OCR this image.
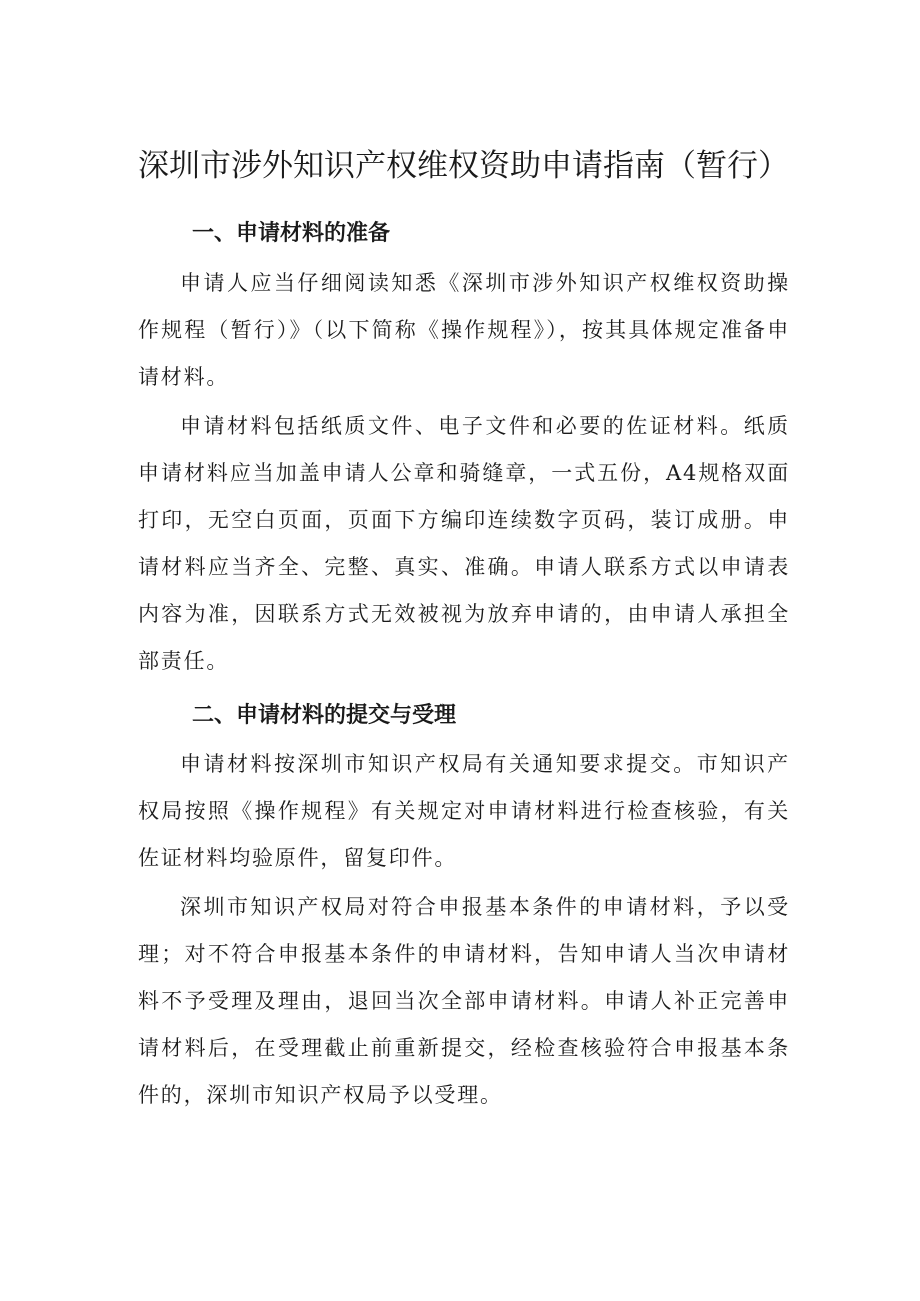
深圳市涉外知识产权维权资助申请指南（暂行）
一、申请材料的准备

申请人应当仔细阅读知悉《深圳市涉外知识产权维权资助操作规程（暂行）》（以下简称《操作规程》），按其具体规定准备申请材料。

申请材料包括纸质文件、电子文件和必要的佐证材料。纸质申请材料应当加盖申请人公章和骑缝章，一式五份，A4规格双面打印，无空白页面，页面下方编印连续数字页码，装订成册。申请材料应当齐全、完整、真实、准确。申请人联系方式以申请表内容为准，因联系方式无效被视为放弃申请的，由申请人承担全部责任。

二、申请材料的提交与受理

申请材料按深圳市知识产权局有关通知要求提交。市知识产权局按照《操作规程》有关规定对申请材料进行检查核验，有关佐证材料均验原件，留复印件。

深圳市知识产权局对符合申报基本条件的申请材料，予以受理；对不符合申报基本条件的申请材料，告知申请人当次申请材料不予受理及理由，退回当次全部申请材料。申请人补正完善申请材料后，在受理截止前重新提交，经检查核验符合申报基本条件的，深圳市知识产权局予以受理。
